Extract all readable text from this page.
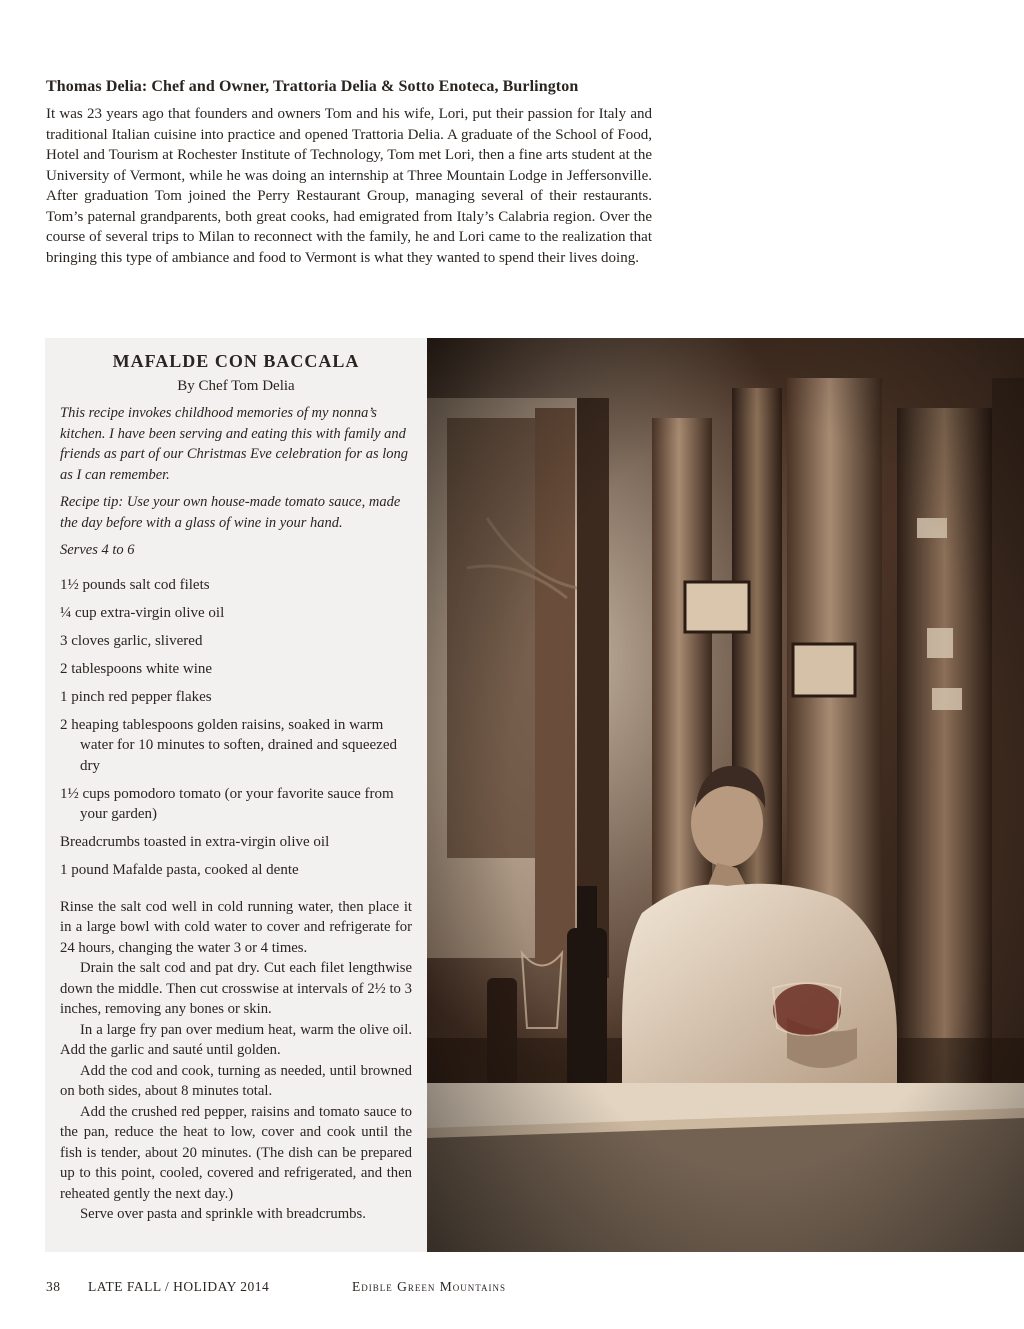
Thomas Delia: Chef and Owner, Trattoria Delia & Sotto Enoteca, Burlington

It was 23 years ago that founders and owners Tom and his wife, Lori, put their passion for Italy and traditional Italian cuisine into practice and opened Trattoria Delia. A graduate of the School of Food, Hotel and Tourism at Rochester Institute of Technology, Tom met Lori, then a fine arts student at the University of Vermont, while he was doing an internship at Three Mountain Lodge in Jeffersonville. After graduation Tom joined the Perry Restaurant Group, managing several of their restaurants. Tom’s paternal grandparents, both great cooks, had emigrated from Italy’s Calabria region. Over the course of several trips to Milan to reconnect with the family, he and Lori came to the realization that bringing this type of ambiance and food to Vermont is what they wanted to spend their lives doing.

MAFALDE CON BACCALA
By Chef Tom Delia

This recipe invokes childhood memories of my nonna’s kitchen. I have been serving and eating this with family and friends as part of our Christmas Eve celebration for as long as I can remember.

Recipe tip: Use your own house-made tomato sauce, made the day before with a glass of wine in your hand.

Serves 4 to 6

1½ pounds salt cod filets
¼ cup extra-virgin olive oil
3 cloves garlic, slivered
2 tablespoons white wine
1 pinch red pepper flakes
2 heaping tablespoons golden raisins, soaked in warm water for 10 minutes to soften, drained and squeezed dry
1½ cups pomodoro tomato (or your favorite sauce from your garden)
Breadcrumbs toasted in extra-virgin olive oil
1 pound Mafalde pasta, cooked al dente

Rinse the salt cod well in cold running water, then place it in a large bowl with cold water to cover and refrigerate for 24 hours, changing the water 3 or 4 times.

Drain the salt cod and pat dry. Cut each filet lengthwise down the middle. Then cut crosswise at intervals of 2½ to 3 inches, removing any bones or skin.

In a large fry pan over medium heat, warm the olive oil. Add the garlic and sauté until golden.

Add the cod and cook, turning as needed, until browned on both sides, about 8 minutes total.

Add the crushed red pepper, raisins and tomato sauce to the pan, reduce the heat to low, cover and cook until the fish is tender, about 20 minutes. (The dish can be prepared up to this point, cooled, covered and refrigerated, and then reheated gently the next day.)

Serve over pasta and sprinkle with breadcrumbs.

38 LATE FALL / HOLIDAY 2014	Edible Green Mountains
